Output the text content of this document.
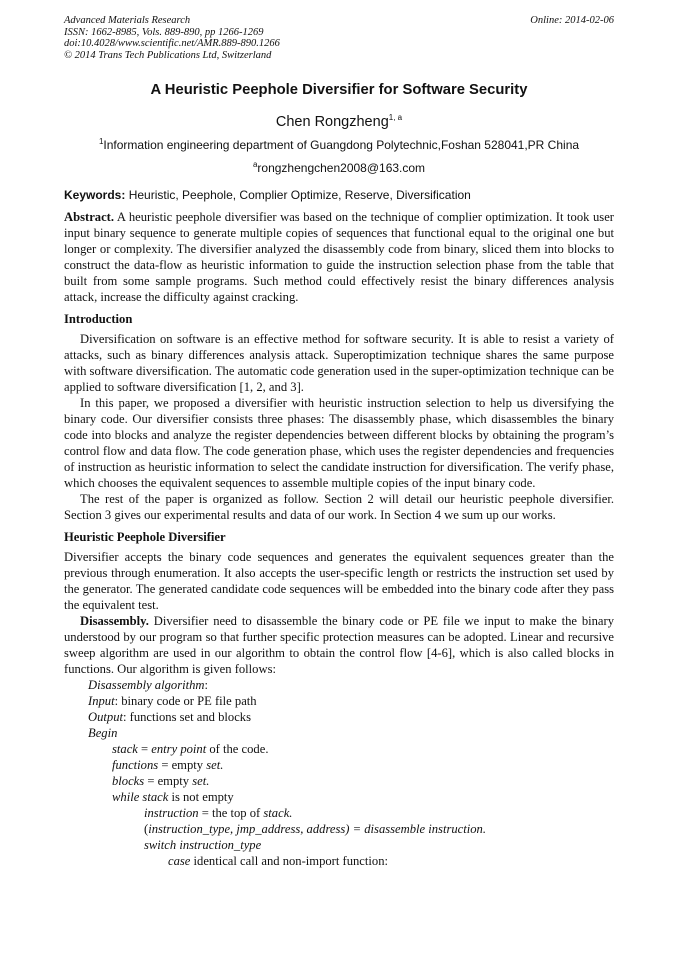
Advanced Materials Research
ISSN: 1662-8985, Vols. 889-890, pp 1266-1269
doi:10.4028/www.scientific.net/AMR.889-890.1266
© 2014 Trans Tech Publications Ltd, Switzerland
Online: 2014-02-06
A Heuristic Peephole Diversifier for Software Security
Chen Rongzheng$^{1, a}$
$^1$Information engineering department of Guangdong Polytechnic,Foshan 528041,PR China
$^a$rongzhengchen2008@163.com
Keywords: Heuristic, Peephole, Complier Optimize, Reserve, Diversification

Abstract. A heuristic peephole diversifier was based on the technique of complier optimization. It took user input binary sequence to generate multiple copies of sequences that functional equal to the original one but longer or complexity. The diversifier analyzed the disassembly code from binary, sliced them into blocks to construct the data-flow as heuristic information to guide the instruction selection phase from the table that built from some sample programs. Such method could effectively resist the binary differences analysis attack, increase the difficulty against cracking.

Introduction

Diversification on software is an effective method for software security. It is able to resist a variety of attacks, such as binary differences analysis attack. Superoptimization technique shares the same purpose with software diversification. The automatic code generation used in the super-optimization technique can be applied to software diversification [1, 2, and 3].

In this paper, we proposed a diversifier with heuristic instruction selection to help us diversifying the binary code. Our diversifier consists three phases: The disassembly phase, which disassembles the binary code into blocks and analyze the register dependencies between different blocks by obtaining the program’s control flow and data flow. The code generation phase, which uses the register dependencies and frequencies of instruction as heuristic information to select the candidate instruction for diversification. The verify phase, which chooses the equivalent sequences to assemble multiple copies of the input binary code.

The rest of the paper is organized as follow. Section 2 will detail our heuristic peephole diversifier. Section 3 gives our experimental results and data of our work. In Section 4 we sum up our works.

Heuristic Peephole Diversifier

Diversifier accepts the binary code sequences and generates the equivalent sequences greater than the previous through enumeration. It also accepts the user-specific length or restricts the instruction set used by the generator. The generated candidate code sequences will be embedded into the binary code after they pass the equivalent test.

Disassembly. Diversifier need to disassemble the binary code or PE file we input to make the binary understood by our program so that further specific protection measures can be adopted. Linear and recursive sweep algorithm are used in our algorithm to obtain the control flow [4-6], which is also called blocks in functions. Our algorithm is given follows:

Disassembly algorithm:
Input: binary code or PE file path
Output: functions set and blocks
Begin
stack = entry point of the code.
functions = empty set.
blocks = empty set.
while stack is not empty
instruction = the top of stack.
(instruction_type, jmp_address, address) = disassemble instruction.
switch instruction_type
case identical call and non-import function:
